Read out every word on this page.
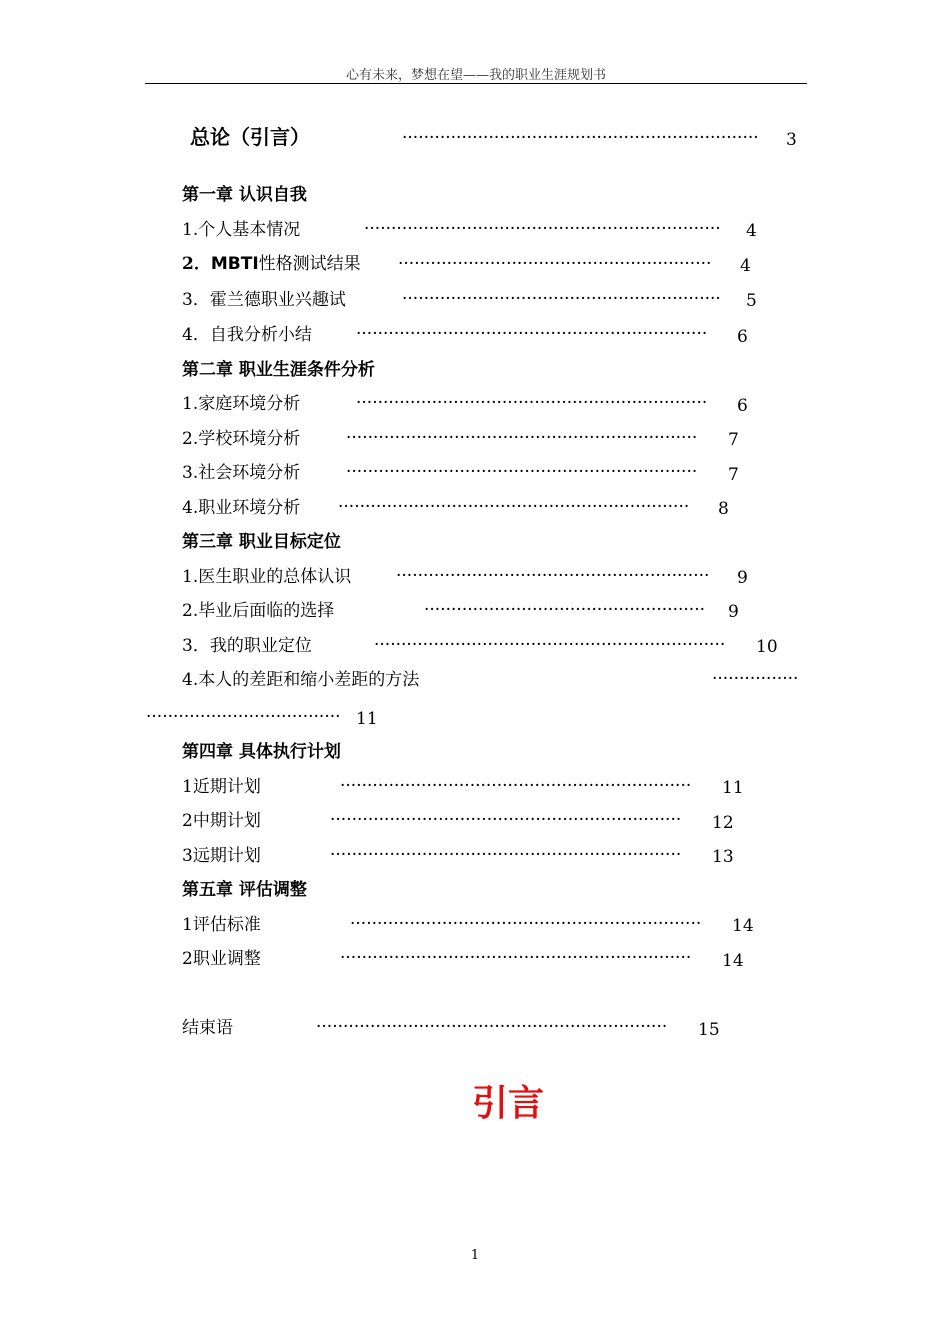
心有未来，梦想在望——我的职业生涯规划书
总论（引言）	··································································	3
第一章 认识自我
1.个人基本情况	··································································	4
2．MBTI性格测试结果 ··························································	4
3．霍兰德职业兴趣试	···························································	5
4．自我分析小结	·································································	6
第二章 职业生涯条件分析
1.家庭环境分析	·································································	6
2.学校环境分析	·································································	7
3.社会环境分析	·································································	7
4.职业环境分析 ·································································	8
第三章 职业目标定位
1.医生职业的总体认识	··························································	9
2.毕业后面临的选择	····················································	9
3．我的职业定位	·································································	10
4.本人的差距和缩小差距的方法	················
···································· 11
第四章 具体执行计划
1近期计划	·································································	11
2中期计划	·································································	12
3远期计划	·································································	13
第五章 评估调整
1评估标准	·································································	14
2职业调整	·································································	14
结束语	·································································	15
引言
1
